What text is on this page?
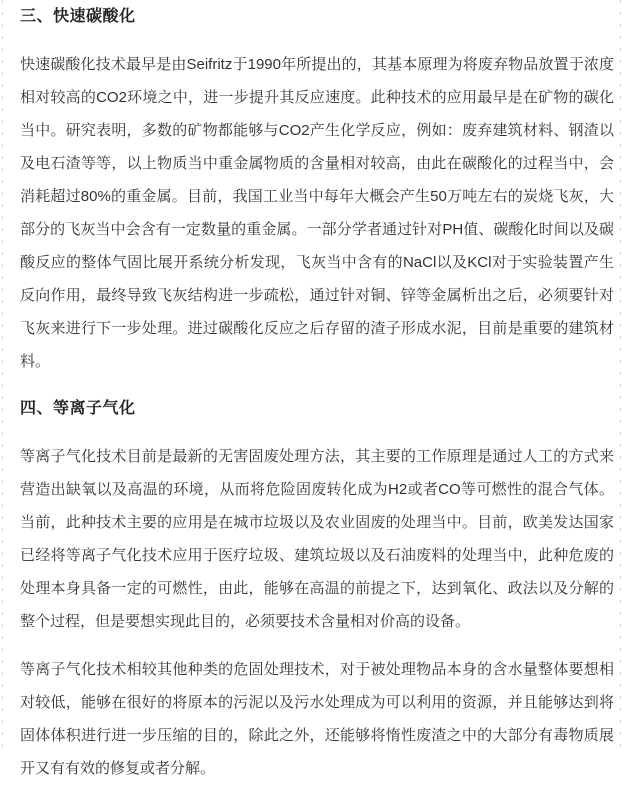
三、快速碳酸化

快速碳酸化技术最早是由Seifritz于1990年所提出的，其基本原理为将废弃物品放置于浓度相对较高的CO2环境之中，进一步提升其反应速度。此种技术的应用最早是在矿物的碳化当中。研究表明，多数的矿物都能够与CO2产生化学反应，例如：废弃建筑材料、钢渣以及电石渣等等，以上物质当中重金属物质的含量相对较高，由此在碳酸化的过程当中，会消耗超过80%的重金属。目前，我国工业当中每年大概会产生50万吨左右的炭烧飞灰，大部分的飞灰当中会含有一定数量的重金属。一部分学者通过针对PH值、碳酸化时间以及碳酸反应的整体气固比展开系统分析发现，飞灰当中含有的NaCl以及KCl对于实验装置产生反向作用，最终导致飞灰结构进一步疏松，通过针对铜、锌等金属析出之后，必须要针对飞灰来进行下一步处理。进过碳酸化反应之后存留的渣子形成水泥，目前是重要的建筑材料。

四、等离子气化

等离子气化技术目前是最新的无害固废处理方法，其主要的工作原理是通过人工的方式来营造出缺氧以及高温的环境，从而将危险固废转化成为H2或者CO等可燃性的混合气体。当前，此种技术主要的应用是在城市垃圾以及农业固废的处理当中。目前，欧美发达国家已经将等离子气化技术应用于医疗垃圾、建筑垃圾以及石油废料的处理当中，此种危废的处理本身具备一定的可燃性，由此，能够在高温的前提之下，达到氧化、政法以及分解的整个过程，但是要想实现此目的，必须要技术含量相对价高的设备。

等离子气化技术相较其他种类的危固处理技术，对于被处理物品本身的含水量整体要想相对较低，能够在很好的将原本的污泥以及污水处理成为可以利用的资源，并且能够达到将固体体积进行进一步压缩的目的，除此之外，还能够将惰性废渣之中的大部分有毒物质展开又有有效的修复或者分解。
